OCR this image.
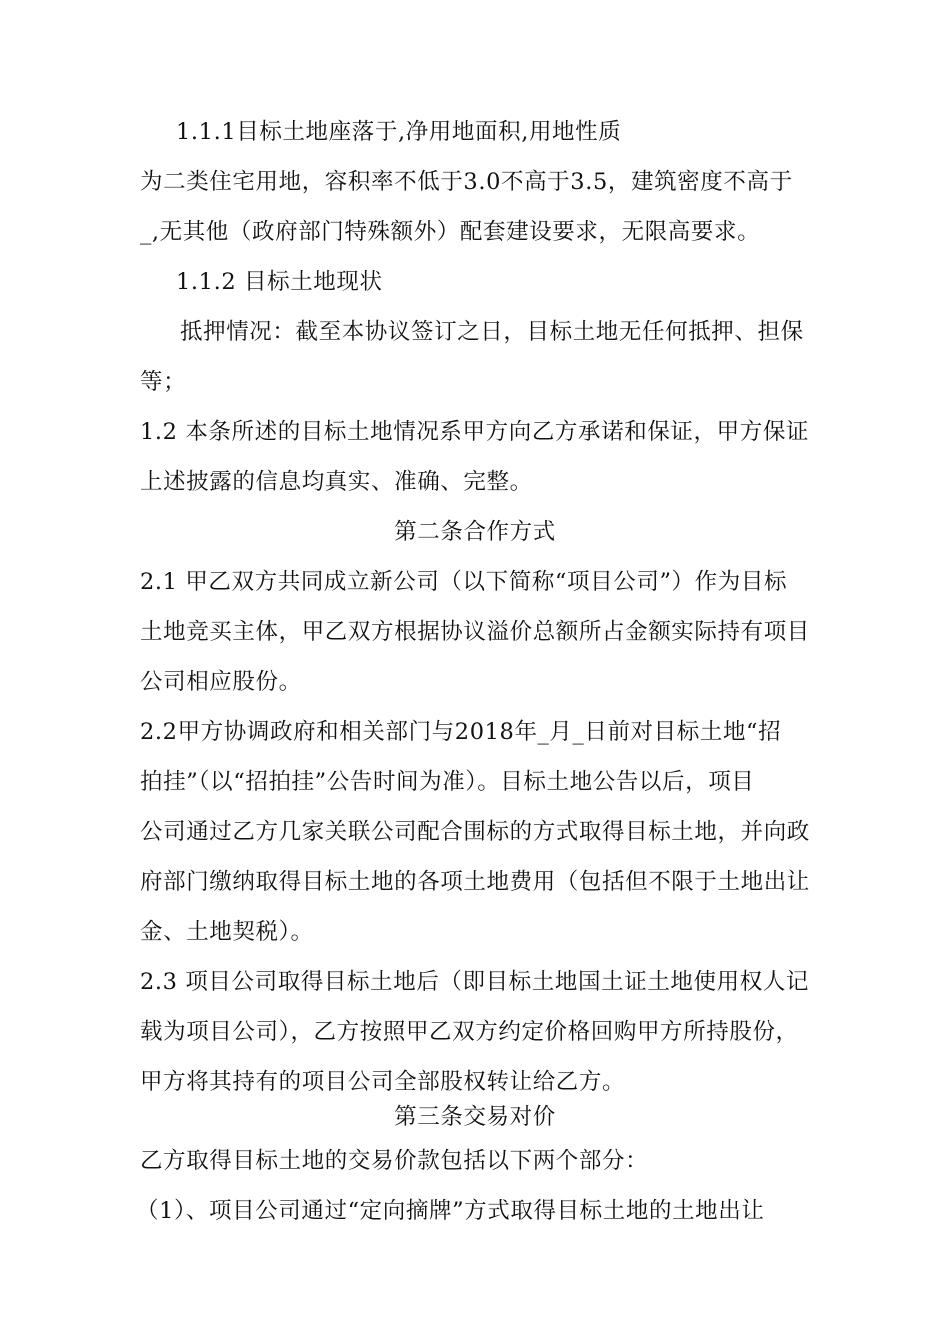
1.1.1目标土地座落于,净用地面积,用地性质
为二类住宅用地，容积率不低于3.0不高于3.5，建筑密度不高于
_,无其他（政府部门特殊额外）配套建设要求，无限高要求。
1.1.2 目标土地现状
抵押情况：截至本协议签订之日，目标土地无任何抵押、担保
等；
1.2 本条所述的目标土地情况系甲方向乙方承诺和保证，甲方保证
上述披露的信息均真实、准确、完整。
第二条合作方式
2.1 甲乙双方共同成立新公司（以下简称“项目公司”）作为目标
土地竞买主体，甲乙双方根据协议溢价总额所占金额实际持有项目
公司相应股份。
2.2甲方协调政府和相关部门与2018年_月_日前对目标土地“招
拍挂”（以“招拍挂”公告时间为准）。目标土地公告以后，项目
公司通过乙方几家关联公司配合围标的方式取得目标土地，并向政
府部门缴纳取得目标土地的各项土地费用（包括但不限于土地出让
金、土地契税）。
2.3 项目公司取得目标土地后（即目标土地国土证土地使用权人记
载为项目公司），乙方按照甲乙双方约定价格回购甲方所持股份，
甲方将其持有的项目公司全部股权转让给乙方。
第三条交易对价
乙方取得目标土地的交易价款包括以下两个部分：
（1）、项目公司通过“定向摘牌”方式取得目标土地的土地出让
